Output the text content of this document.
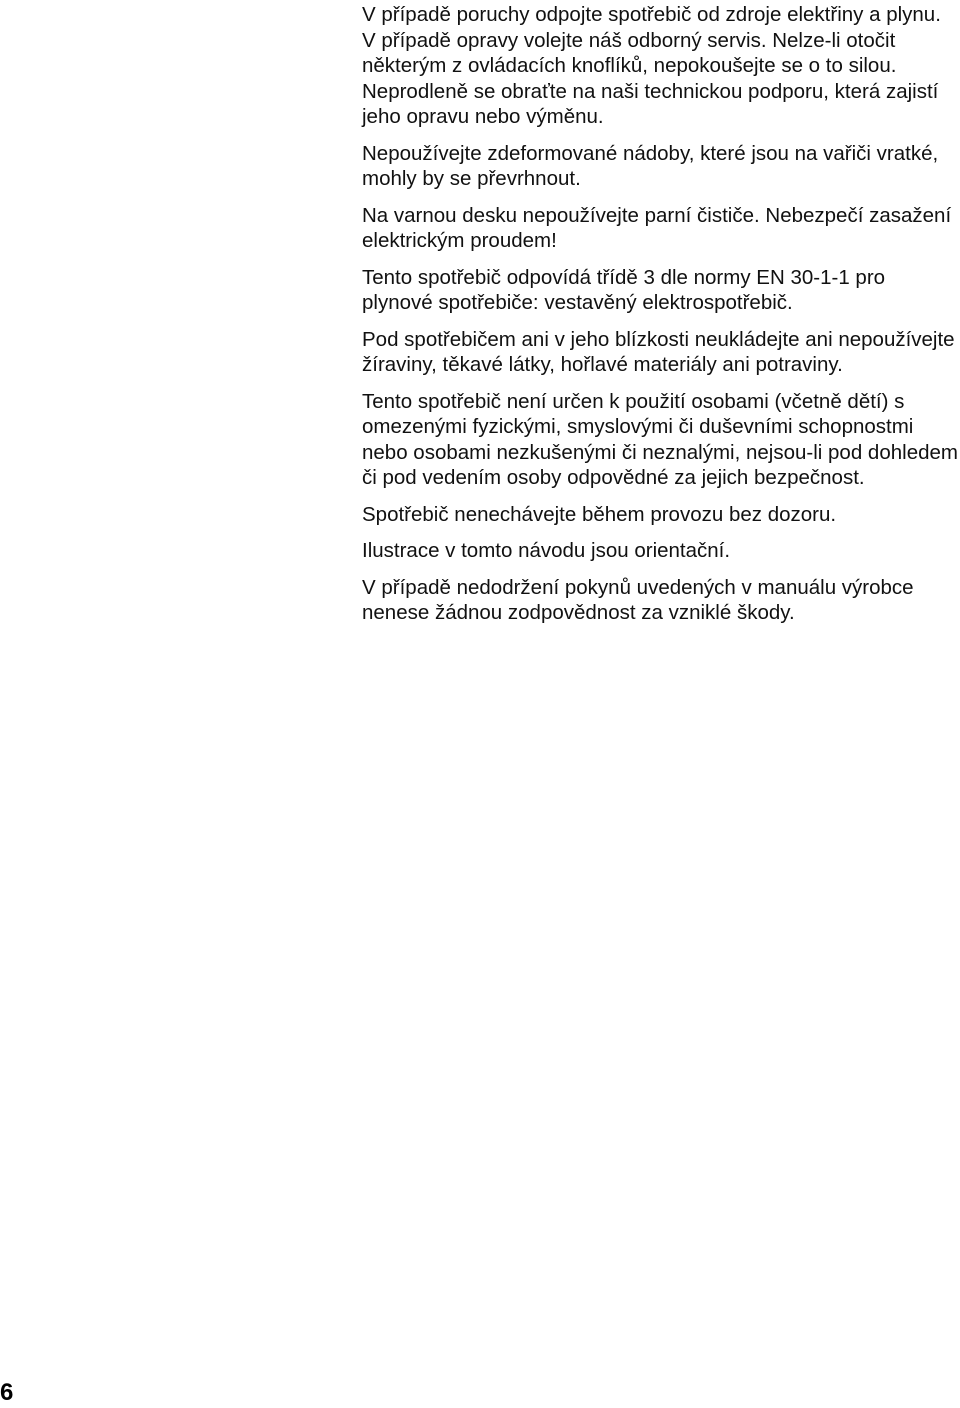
V případě poruchy odpojte spotřebič od zdroje elektřiny a plynu. V případě opravy volejte náš odborný servis. Nelze-li otočit některým z ovládacích knoflíků, nepokoušejte se o to silou. Neprodleně se obraťte na naši technickou podporu, která zajistí jeho opravu nebo výměnu.

Nepoužívejte zdeformované nádoby, které jsou na vařiči vratké, mohly by se převrhnout.

Na varnou desku nepoužívejte parní čističe. Nebezpečí zasažení elektrickým proudem!

Tento spotřebič odpovídá třídě 3 dle normy EN 30-1-1 pro plynové spotřebiče: vestavěný elektrospotřebič.

Pod spotřebičem ani v jeho blízkosti neukládejte ani nepoužívejte žíraviny, těkavé látky, hořlavé materiály ani potraviny.

Tento spotřebič není určen k použití osobami (včetně dětí) s omezenými fyzickými, smyslovými či duševními schopnostmi nebo osobami nezkušenými či neznalými, nejsou-li pod dohledem či pod vedením osoby odpovědné za jejich bezpečnost.

Spotřebič nenechávejte během provozu bez dozoru.

Ilustrace v tomto návodu jsou orientační.

V případě nedodržení pokynů uvedených v manuálu výrobce nenese žádnou zodpovědnost za vzniklé škody.

6
